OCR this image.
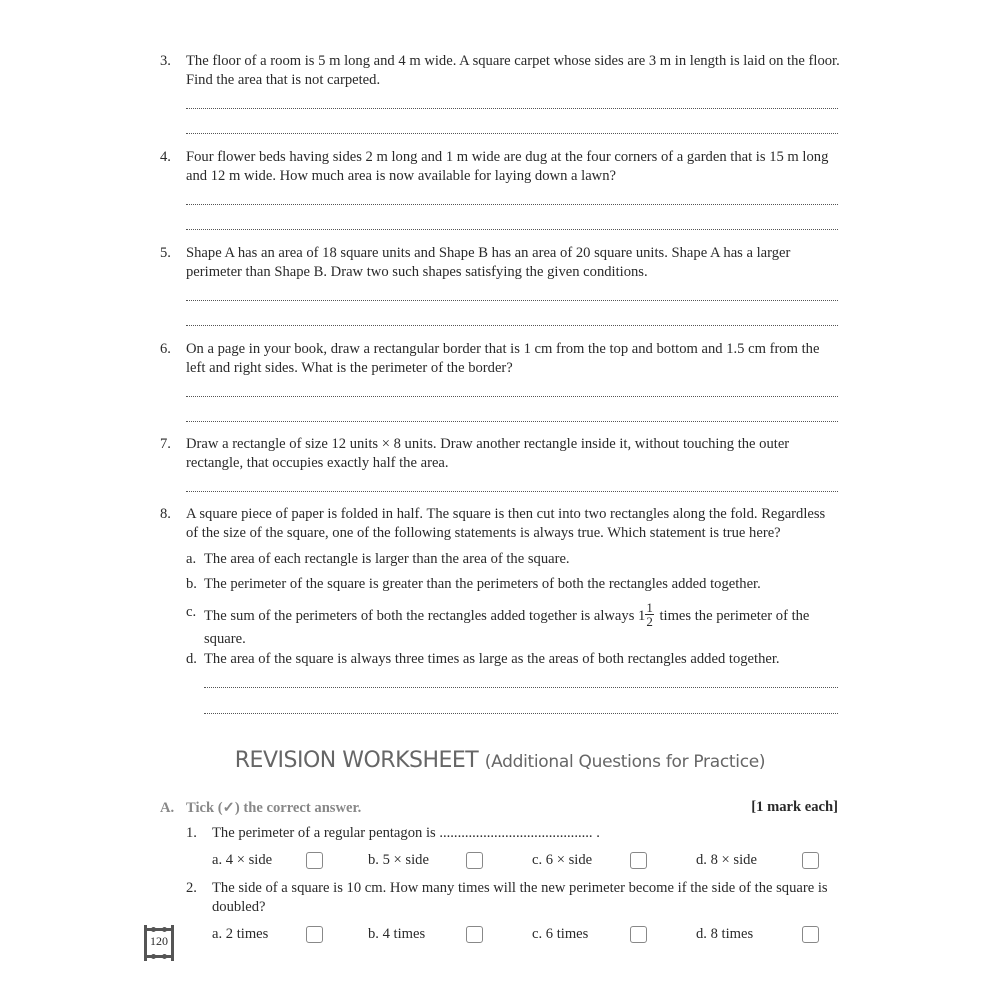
3. The floor of a room is 5 m long and 4 m wide. A square carpet whose sides are 3 m in length is laid on the floor. Find the area that is not carpeted.
4. Four flower beds having sides 2 m long and 1 m wide are dug at the four corners of a garden that is 15 m long and 12 m wide. How much area is now available for laying down a lawn?
5. Shape A has an area of 18 square units and Shape B has an area of 20 square units. Shape A has a larger perimeter than Shape B. Draw two such shapes satisfying the given conditions.
6. On a page in your book, draw a rectangular border that is 1 cm from the top and bottom and 1.5 cm from the left and right sides. What is the perimeter of the border?
7. Draw a rectangle of size 12 units × 8 units. Draw another rectangle inside it, without touching the outer rectangle, that occupies exactly half the area.
8. A square piece of paper is folded in half. The square is then cut into two rectangles along the fold. Regardless of the size of the square, one of the following statements is always true. Which statement is true here?
a. The area of each rectangle is larger than the area of the square.
b. The perimeter of the square is greater than the perimeters of both the rectangles added together.
c. The sum of the perimeters of both the rectangles added together is always $1 \frac{1}{2}$ times the perimeter of the square.
d. The area of the square is always three times as large as the areas of both rectangles added together.
REVISION WORKSHEET (Additional Questions for Practice)
A. Tick (✓) the correct answer.	[1 mark each]
1. The perimeter of a regular pentagon is .......................................... .
a. 4 × side	b. 5 × side	c. 6 × side	d. 8 × side
2. The side of a square is 10 cm. How many times will the new perimeter become if the side of the square is doubled?
a. 2 times	b. 4 times	c. 6 times	d. 8 times
120
